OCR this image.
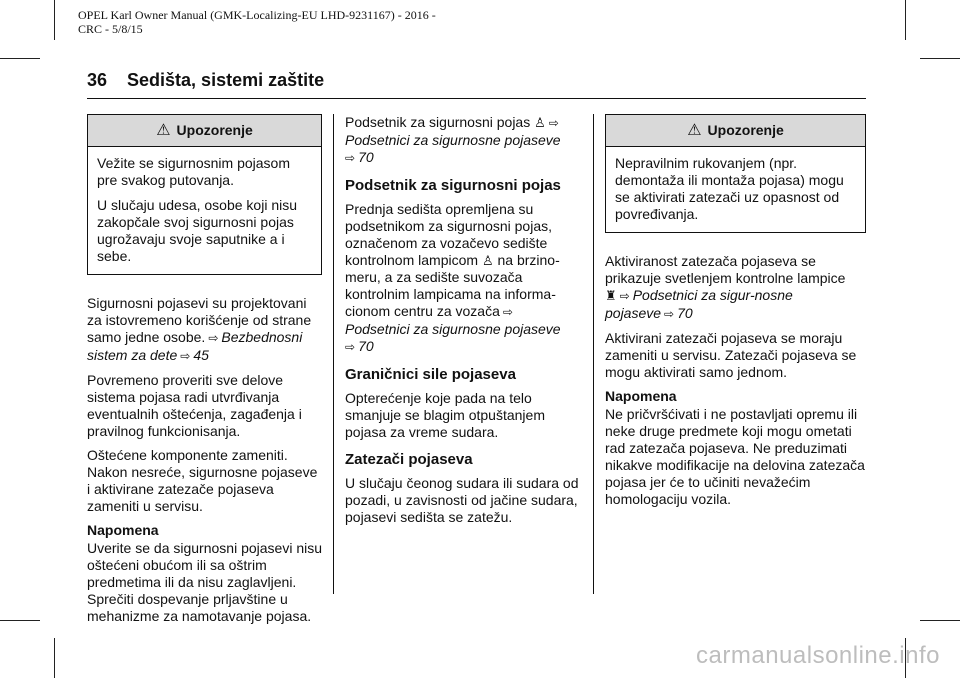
OPEL Karl Owner Manual (GMK-Localizing-EU LHD-9231167) - 2016 -
CRC - 5/8/15
36 Sedišta, sistemi zaštite
⚠ Upozorenje

Vežite se sigurnosnim pojasom pre svakog putovanja.

U slučaju udesa, osobe koji nisu zakopčale svoj sigurnosni pojas ugrožavaju svoje saputnike a i sebe.

Sigurnosni pojasevi su projektovani za istovremeno korišćenje od strane samo jedne osobe. ⇨ Bezbednosni sistem za dete ⇨ 45

Povremeno proveriti sve delove sistema pojasa radi utvrđivanja eventualnih oštećenja, zagađenja i pravilnog funkcionisanja.

Oštećene komponente zameniti. Nakon nesreće, sigurnosne pojaseve i aktivirane zatezače pojaseva zameniti u servisu.

Napomena

Uverite se da sigurnosni pojasevi nisu oštećeni obućom ili sa oštrim predmetima ili da nisu zaglavljeni. Sprečiti dospevanje prljavštine u mehanizme za namotavanje pojasa.

Podsetnik za sigurnosni pojas ♙ ⇨
Podsetnici za sigurnosne pojaseve
⇨ 70

Podsetnik za sigurnosni pojas

Prednja sedišta opremljena su podsetnikom za sigurnosni pojas, označenom za vozačevo sedište kontrolnom lampicom ♙ na brzino-meru, a za sedište suvozača kontrolnim lampicama na informa-cionom centru za vozača ⇨
Podsetnici za sigurnosne pojaseve
⇨ 70

Graničnici sile pojaseva

Opterećenje koje pada na telo smanjuje se blagim otpuštanjem pojasa za vreme sudara.

Zatezači pojaseva

U slučaju čeonog sudara ili sudara od pozadi, u zavisnosti od jačine sudara, pojasevi sedišta se zatežu.

⚠ Upozorenje

Nepravilnim rukovanjem (npr. demontaža ili montaža pojasa) mogu se aktivirati zatezači uz opasnost od povređivanja.

Aktiviranost zatezača pojaseva se prikazuje svetlenjem kontrolne lampice ♜ ⇨ Podsetnici za sigur-nosne pojaseve ⇨ 70

Aktivirani zatezači pojaseva se moraju zameniti u servisu. Zatezači pojaseva se mogu aktivirati samo jednom.

Napomena

Ne pričvršćivati i ne postavljati opremu ili neke druge predmete koji mogu ometati rad zatezača pojaseva. Ne preduzimati nikakve modifikacije na delovina zatezača pojasa jer će to učiniti nevažećim homologaciju vozila.

carmanualsonline.info
